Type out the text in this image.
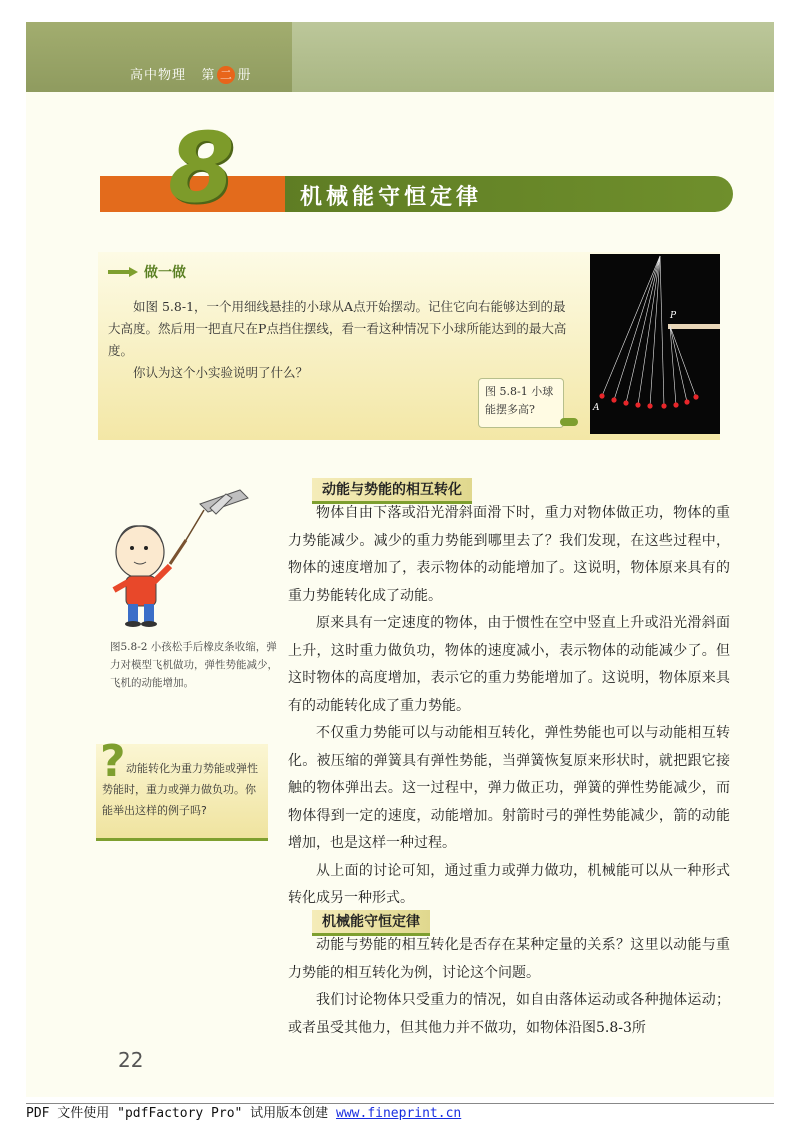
高中物理 第 二 册
8	机械能守恒定律
做一做

如图 5.8-1，一个用细线悬挂的小球从A点开始摆动。记住它向右能够达到的最大高度。然后用一把直尺在P点挡住摆线，看一看这种情况下小球所能达到的最大高度。

你认为这个小实验说明了什么？

P
A
图 5.8-1 小球能摆多高?
动能与势能的相互转化

物体自由下落或沿光滑斜面滑下时，重力对物体做正功，物体的重力势能减少。减少的重力势能到哪里去了？我们发现，在这些过程中，物体的速度增加了，表示物体的动能增加了。这说明，物体原来具有的重力势能转化成了动能。

原来具有一定速度的物体，由于惯性在空中竖直上升或沿光滑斜面上升，这时重力做负功，物体的速度减小，表示物体的动能减少了。但这时物体的高度增加，表示它的重力势能增加了。这说明，物体原来具有的动能转化成了重力势能。

不仅重力势能可以与动能相互转化，弹性势能也可以与动能相互转化。被压缩的弹簧具有弹性势能，当弹簧恢复原来形状时，就把跟它接触的物体弹出去。这一过程中，弹力做正功，弹簧的弹性势能减少，而物体得到一定的速度，动能增加。射箭时弓的弹性势能减少，箭的动能增加，也是这样一种过程。

从上面的讨论可知，通过重力或弹力做功，机械能可以从一种形式转化成另一种形式。

图5.8-2 小孩松手后橡皮条收缩，弹力对模型飞机做功，弹性势能减少，飞机的动能增加。
? 动能转化为重力势能或弹性势能时，重力或弹力做负功。你能举出这样的例子吗?
机械能守恒定律

动能与势能的相互转化是否存在某种定量的关系？这里以动能与重力势能的相互转化为例，讨论这个问题。

我们讨论物体只受重力的情况，如自由落体运动或各种抛体运动；或者虽受其他力，但其他力并不做功，如物体沿图5.8-3所

22
PDF 文件使用 "pdfFactory Pro" 试用版本创建 www.fineprint.cn
